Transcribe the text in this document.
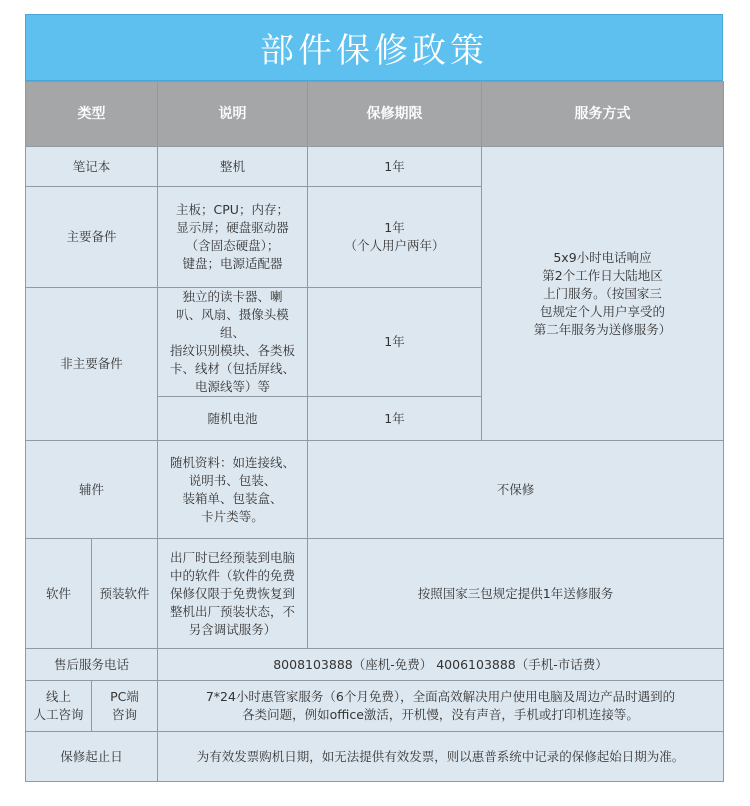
部件保修政策
类型		说明	保修期限	服务方式
笔记本		整机	1年	5x9小时电话响应
第2个工作日大陆地区
上门服务。（按国家三
包规定个人用户享受的
第二年服务为送修服务）
主要备件		主板；CPU；内存；
显示屏；硬盘驱动器
（含固态硬盘）；
键盘；电源适配器	1年
（个人用户两年）	
非主要备件		独立的读卡器、喇
叭、风扇、摄像头模组、
指纹识别模块、各类板
卡、线材（包括屏线、
电源线等）等	1年	
		随机电池	1年	
辅件		随机资料：如连接线、
说明书、包装、
装箱单、包装盒、
卡片类等。	不保修	
软件	预装软件	出厂时已经预装到电脑
中的软件（软件的免费
保修仅限于免费恢复到
整机出厂预装状态，不
另含调试服务）	按照国家三包规定提供1年送修服务	
售后服务电话		8008103888（座机-免费） 4006103888（手机-市话费）		
线上
人工咨询	PC端
咨询	7*24小时惠管家服务（6个月免费），全面高效解决用户使用电脑及周边产品时遇到的
各类问题，例如office激活，开机慢，没有声音，手机或打印机连接等。		
保修起止日		为有效发票购机日期，如无法提供有效发票，则以惠普系统中记录的保修起始日期为准。		
